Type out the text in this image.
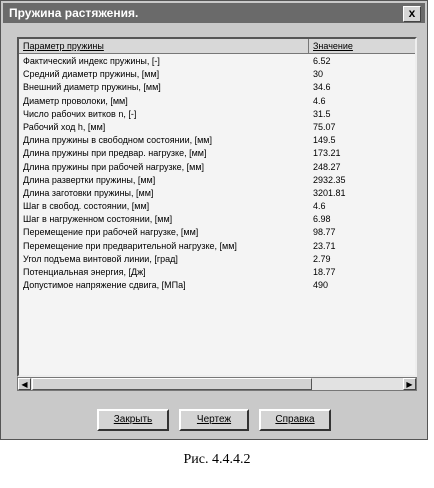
Пружина растяжения.	x
Параметр пружины	Значение
Фактический индекс пружины, [-]	6.52
Средний диаметр пружины, [мм]	30
Внешний диаметр пружины, [мм]	34.6
Диаметр проволоки, [мм]	4.6
Число рабочих витков n, [-]	31.5
Рабочий ход h, [мм]	75.07
Длина пружины в свободном состоянии, [мм]	149.5
Длина пружины при предвар. нагрузке, [мм]	173.21
Длина пружины при рабочей нагрузке, [мм]	248.27
Длина развертки пружины, [мм]	2932.35
Длина заготовки пружины, [мм]	3201.81
Шаг в свобод. состоянии, [мм]	4.6
Шаг в нагруженном состоянии, [мм]	6.98
Перемещение при рабочей нагрузке, [мм]	98.77
Перемещение при предварительной нагрузке, [мм]	23.71
Угол подъема винтовой линии, [град]	2.79
Потенциальная энергия, [Дж]	18.77
Допустимое напряжение сдвига, [МПа]	490
◀	▶
Закрыть	Чертеж	Справка
Рис. 4.4.4.2
